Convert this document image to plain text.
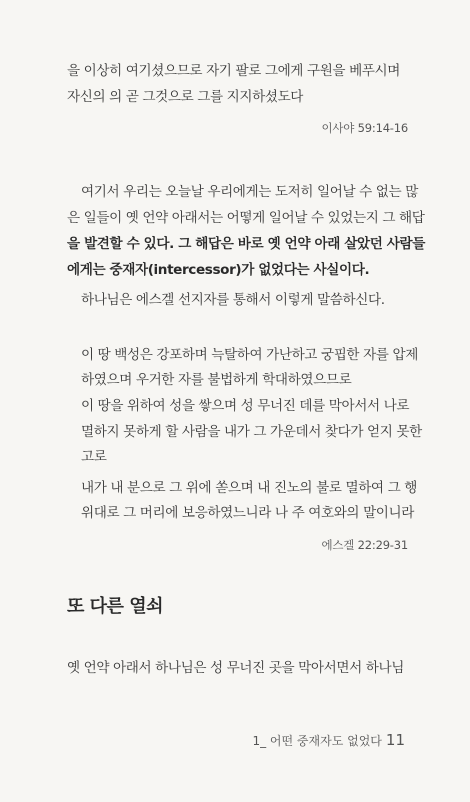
을 이상히 여기셨으므로 자기 팔로 그에게 구원을 베푸시며
자신의 의 곧 그것으로 그를 지지하셨도다
이사야 59:14-16
여기서 우리는 오늘날 우리에게는 도저히 일어날 수 없는 많
은 일들이 옛 언약 아래서는 어떻게 일어날 수 있었는지 그 해답
을 발견할 수 있다. 그 해답은 바로 옛 언약 아래 살았던 사람들
에게는 중재자(intercessor)가 없었다는 사실이다.
하나님은 에스겔 선지자를 통해서 이렇게 말씀하신다.
이 땅 백성은 강포하며 늑탈하여 가난하고 궁핍한 자를 압제
하였으며 우거한 자를 불법하게 학대하였으므로
이 땅을 위하여 성을 쌓으며 성 무너진 데를 막아서서 나로
멸하지 못하게 할 사람을 내가 그 가운데서 찾다가 얻지 못한
고로
내가 내 분으로 그 위에 쏟으며 내 진노의 불로 멸하여 그 행
위대로 그 머리에 보응하였느니라 나 주 여호와의 말이니라
에스겔 22:29-31
또 다른 열쇠
옛 언약 아래서 하나님은 성 무너진 곳을 막아서면서 하나님
1_ 어떤 중재자도 없었다 11
